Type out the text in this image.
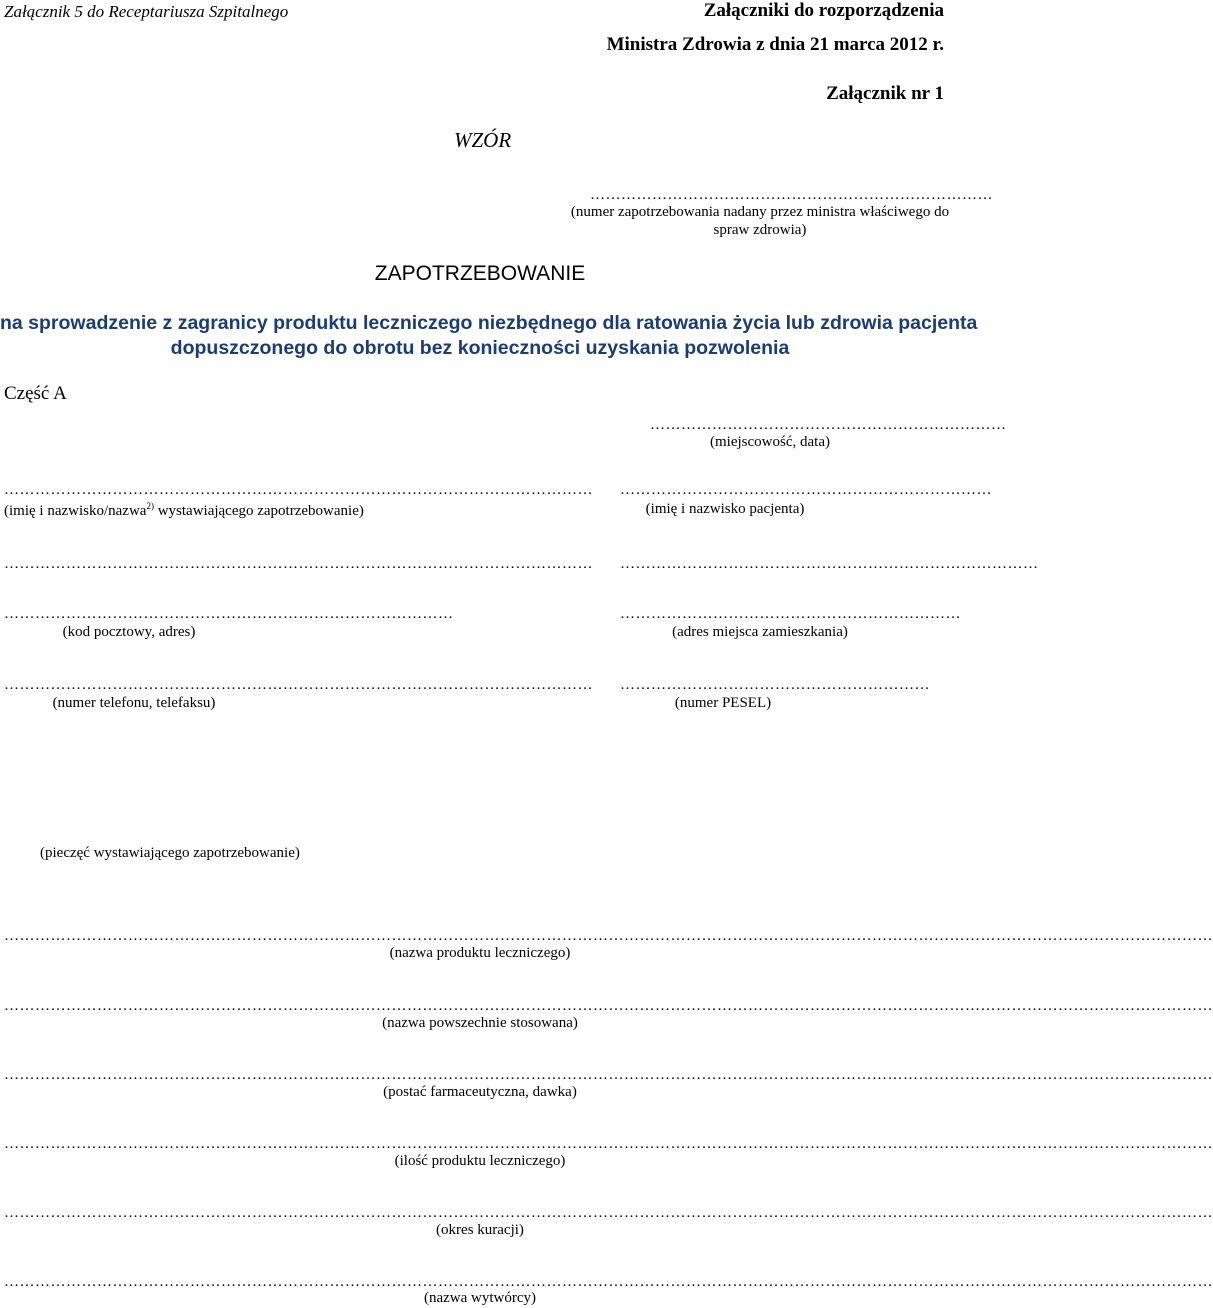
Załącznik 5 do Receptariusza Szpitalnego	Załączniki do rozporządzenia
Ministra Zdrowia z dnia 21 marca 2012 r.
Załącznik nr 1
WZÓR
……………………………………………………………………
(numer zapotrzebowania nadany przez ministra właściwego do
spraw zdrowia)
ZAPOTRZEBOWANIE
na sprowadzenie z zagranicy produktu leczniczego niezbędnego dla ratowania życia lub zdrowia pacjenta
dopuszczonego do obrotu bez konieczności uzyskania pozwolenia
Część A
……………………………………………………………
(miejscowość, data)
……………………………………………………………………………………………………
(imię i nazwisko/nazwa$^{2)}$ wystawiającego zapotrzebowanie)
……………………………………………………………………………………………………
……………………………………………………………………………
(kod pocztowy, adres)
……………………………………………………………………………………………………
(numer telefonu, telefaksu)
………………………………………………………………
(imię i nazwisko pacjenta)
………………………………………………………………………
…………………………………………………………
(adres miejsca zamieszkania)
……………………………………………………
(numer PESEL)
(pieczęć wystawiającego zapotrzebowanie)
………………………………………………………………………………………………………………………………………………………………………………………………………………
(nazwa produktu leczniczego)
………………………………………………………………………………………………………………………………………………………………………………………………………………
(nazwa powszechnie stosowana)
………………………………………………………………………………………………………………………………………………………………………………………………………………
(postać farmaceutyczna, dawka)
………………………………………………………………………………………………………………………………………………………………………………………………………………
(ilość produktu leczniczego)
………………………………………………………………………………………………………………………………………………………………………………………………………………
(okres kuracji)
………………………………………………………………………………………………………………………………………………………………………………………………………………
(nazwa wytwórcy)
